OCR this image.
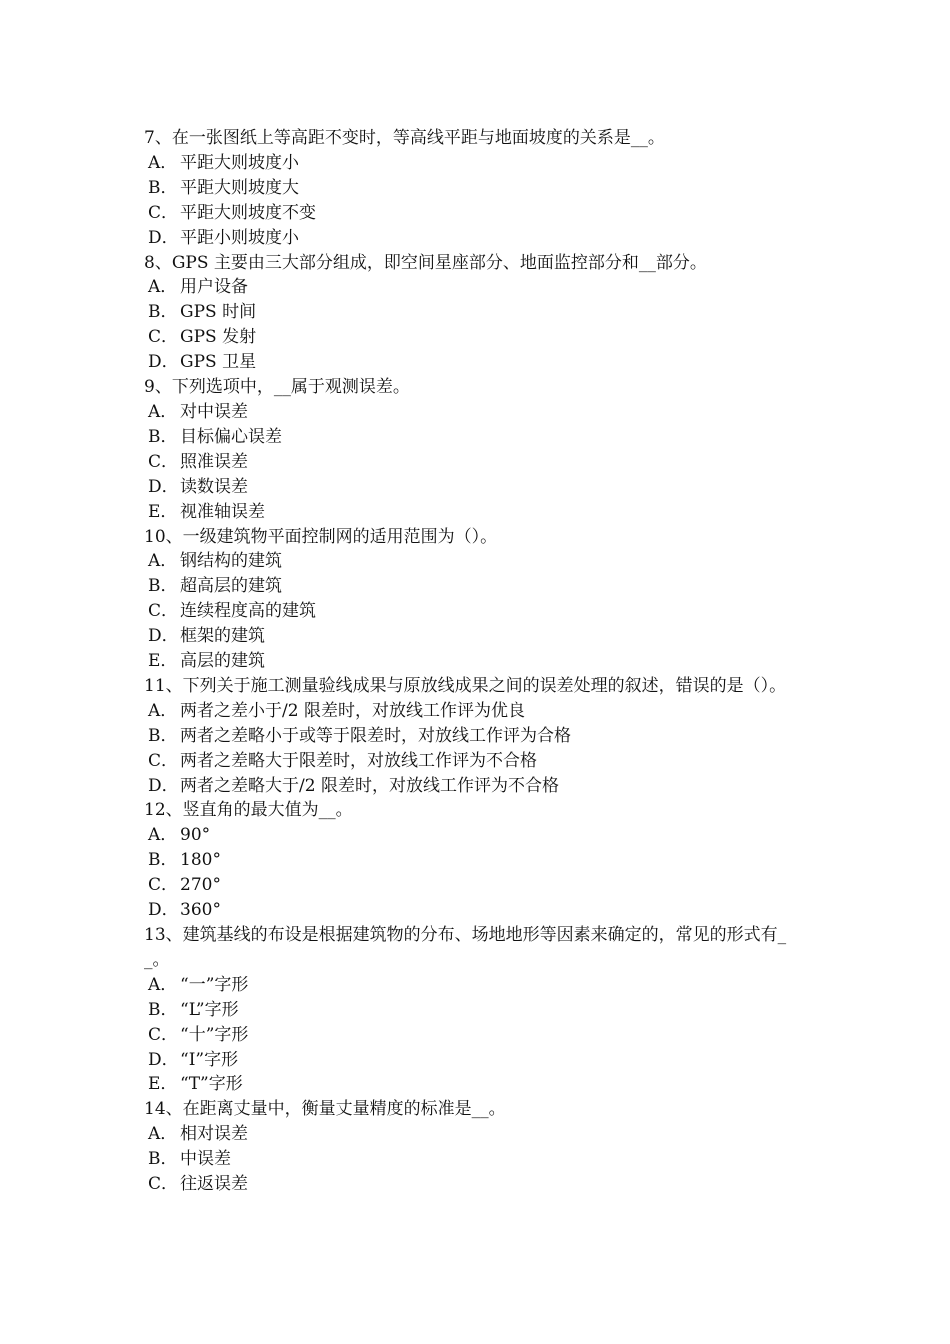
7、在一张图纸上等高距不变时，等高线平距与地面坡度的关系是__。
A． 平距大则坡度小
B． 平距大则坡度大
C． 平距大则坡度不变
D．平距小则坡度小
8、GPS 主要由三大部分组成，即空间星座部分、地面监控部分和__部分。
A． 用户设备
B． GPS 时间
C． GPS 发射
D．GPS 卫星
9、下列选项中，__属于观测误差。
A． 对中误差
B． 目标偏心误差
C． 照准误差
D．读数误差
E． 视准轴误差
10、一级建筑物平面控制网的适用范围为（）。
A． 钢结构的建筑
B． 超高层的建筑
C． 连续程度高的建筑
D．框架的建筑
E． 高层的建筑
11、下列关于施工测量验线成果与原放线成果之间的误差处理的叙述，错误的是（）。
A． 两者之差小于/2 限差时，对放线工作评为优良
B． 两者之差略小于或等于限差时，对放线工作评为合格
C． 两者之差略大于限差时，对放线工作评为不合格
D．两者之差略大于/2 限差时，对放线工作评为不合格
12、竖直角的最大值为__。
A． 90°
B． 180°
C． 270°
D．360°
13、建筑基线的布设是根据建筑物的分布、场地地形等因素来确定的，常见的形式有__。
A． “一”字形
B． “L”字形
C． “十”字形
D．“I”字形
E． “T”字形
14、在距离丈量中，衡量丈量精度的标准是__。
A． 相对误差
B． 中误差
C． 往返误差
